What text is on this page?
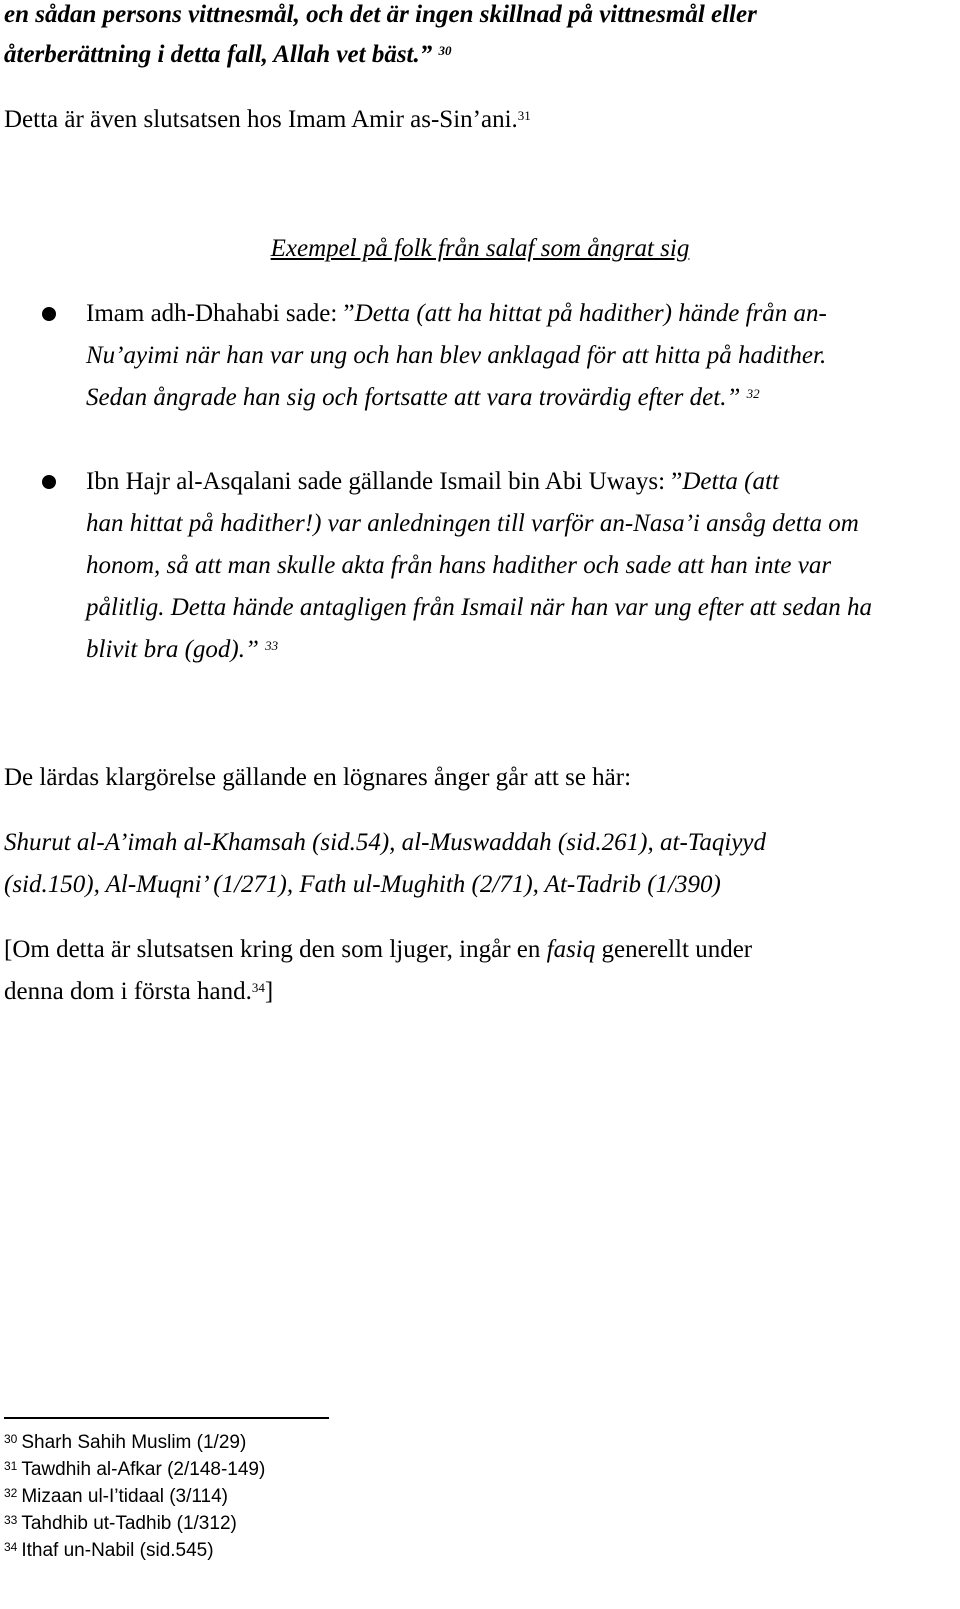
en sådan persons vittnesmål, och det är ingen skillnad på vittnesmål eller

återberättning i detta fall, Allah vet bäst.” $^{30}$

Detta är även slutsatsen hos Imam Amir as-Sin’ani.$^{31}$

Exempel på folk från salaf som ångrat sig

Imam adh-Dhahabi sade: ”Detta (att ha hittat på hadither) hände från an-

Nu’ayimi när han var ung och han blev anklagad för att hitta på hadither.

Sedan ångrade han sig och fortsatte att vara trovärdig efter det.” $^{32}$

Ibn Hajr al-Asqalani sade gällande Ismail bin Abi Uways: ”Detta (att

han hittat på hadither!) var anledningen till varför an-Nasa’i ansåg detta om

honom, så att man skulle akta från hans hadither och sade att han inte var

pålitlig. Detta hände antagligen från Ismail när han var ung efter att sedan ha

blivit bra (god).” $^{33}$

De lärdas klargörelse gällande en lögnares ånger går att se här:

Shurut al-A’imah al-Khamsah (sid.54), al-Muswaddah (sid.261), at-Taqiyyd

(sid.150), Al-Muqni’ (1/271), Fath ul-Mughith (2/71), At-Tadrib (1/390)

[Om detta är slutsatsen kring den som ljuger, ingår en fasiq generellt under

denna dom i första hand.$^{34}$]

$^{30}$ Sharh Sahih Muslim (1/29)
$^{31}$ Tawdhih al-Afkar (2/148-149)
$^{32}$ Mizaan ul-I’tidaal (3/114)
$^{33}$ Tahdhib ut-Tadhib (1/312)
$^{34}$ Ithaf un-Nabil (sid.545)
